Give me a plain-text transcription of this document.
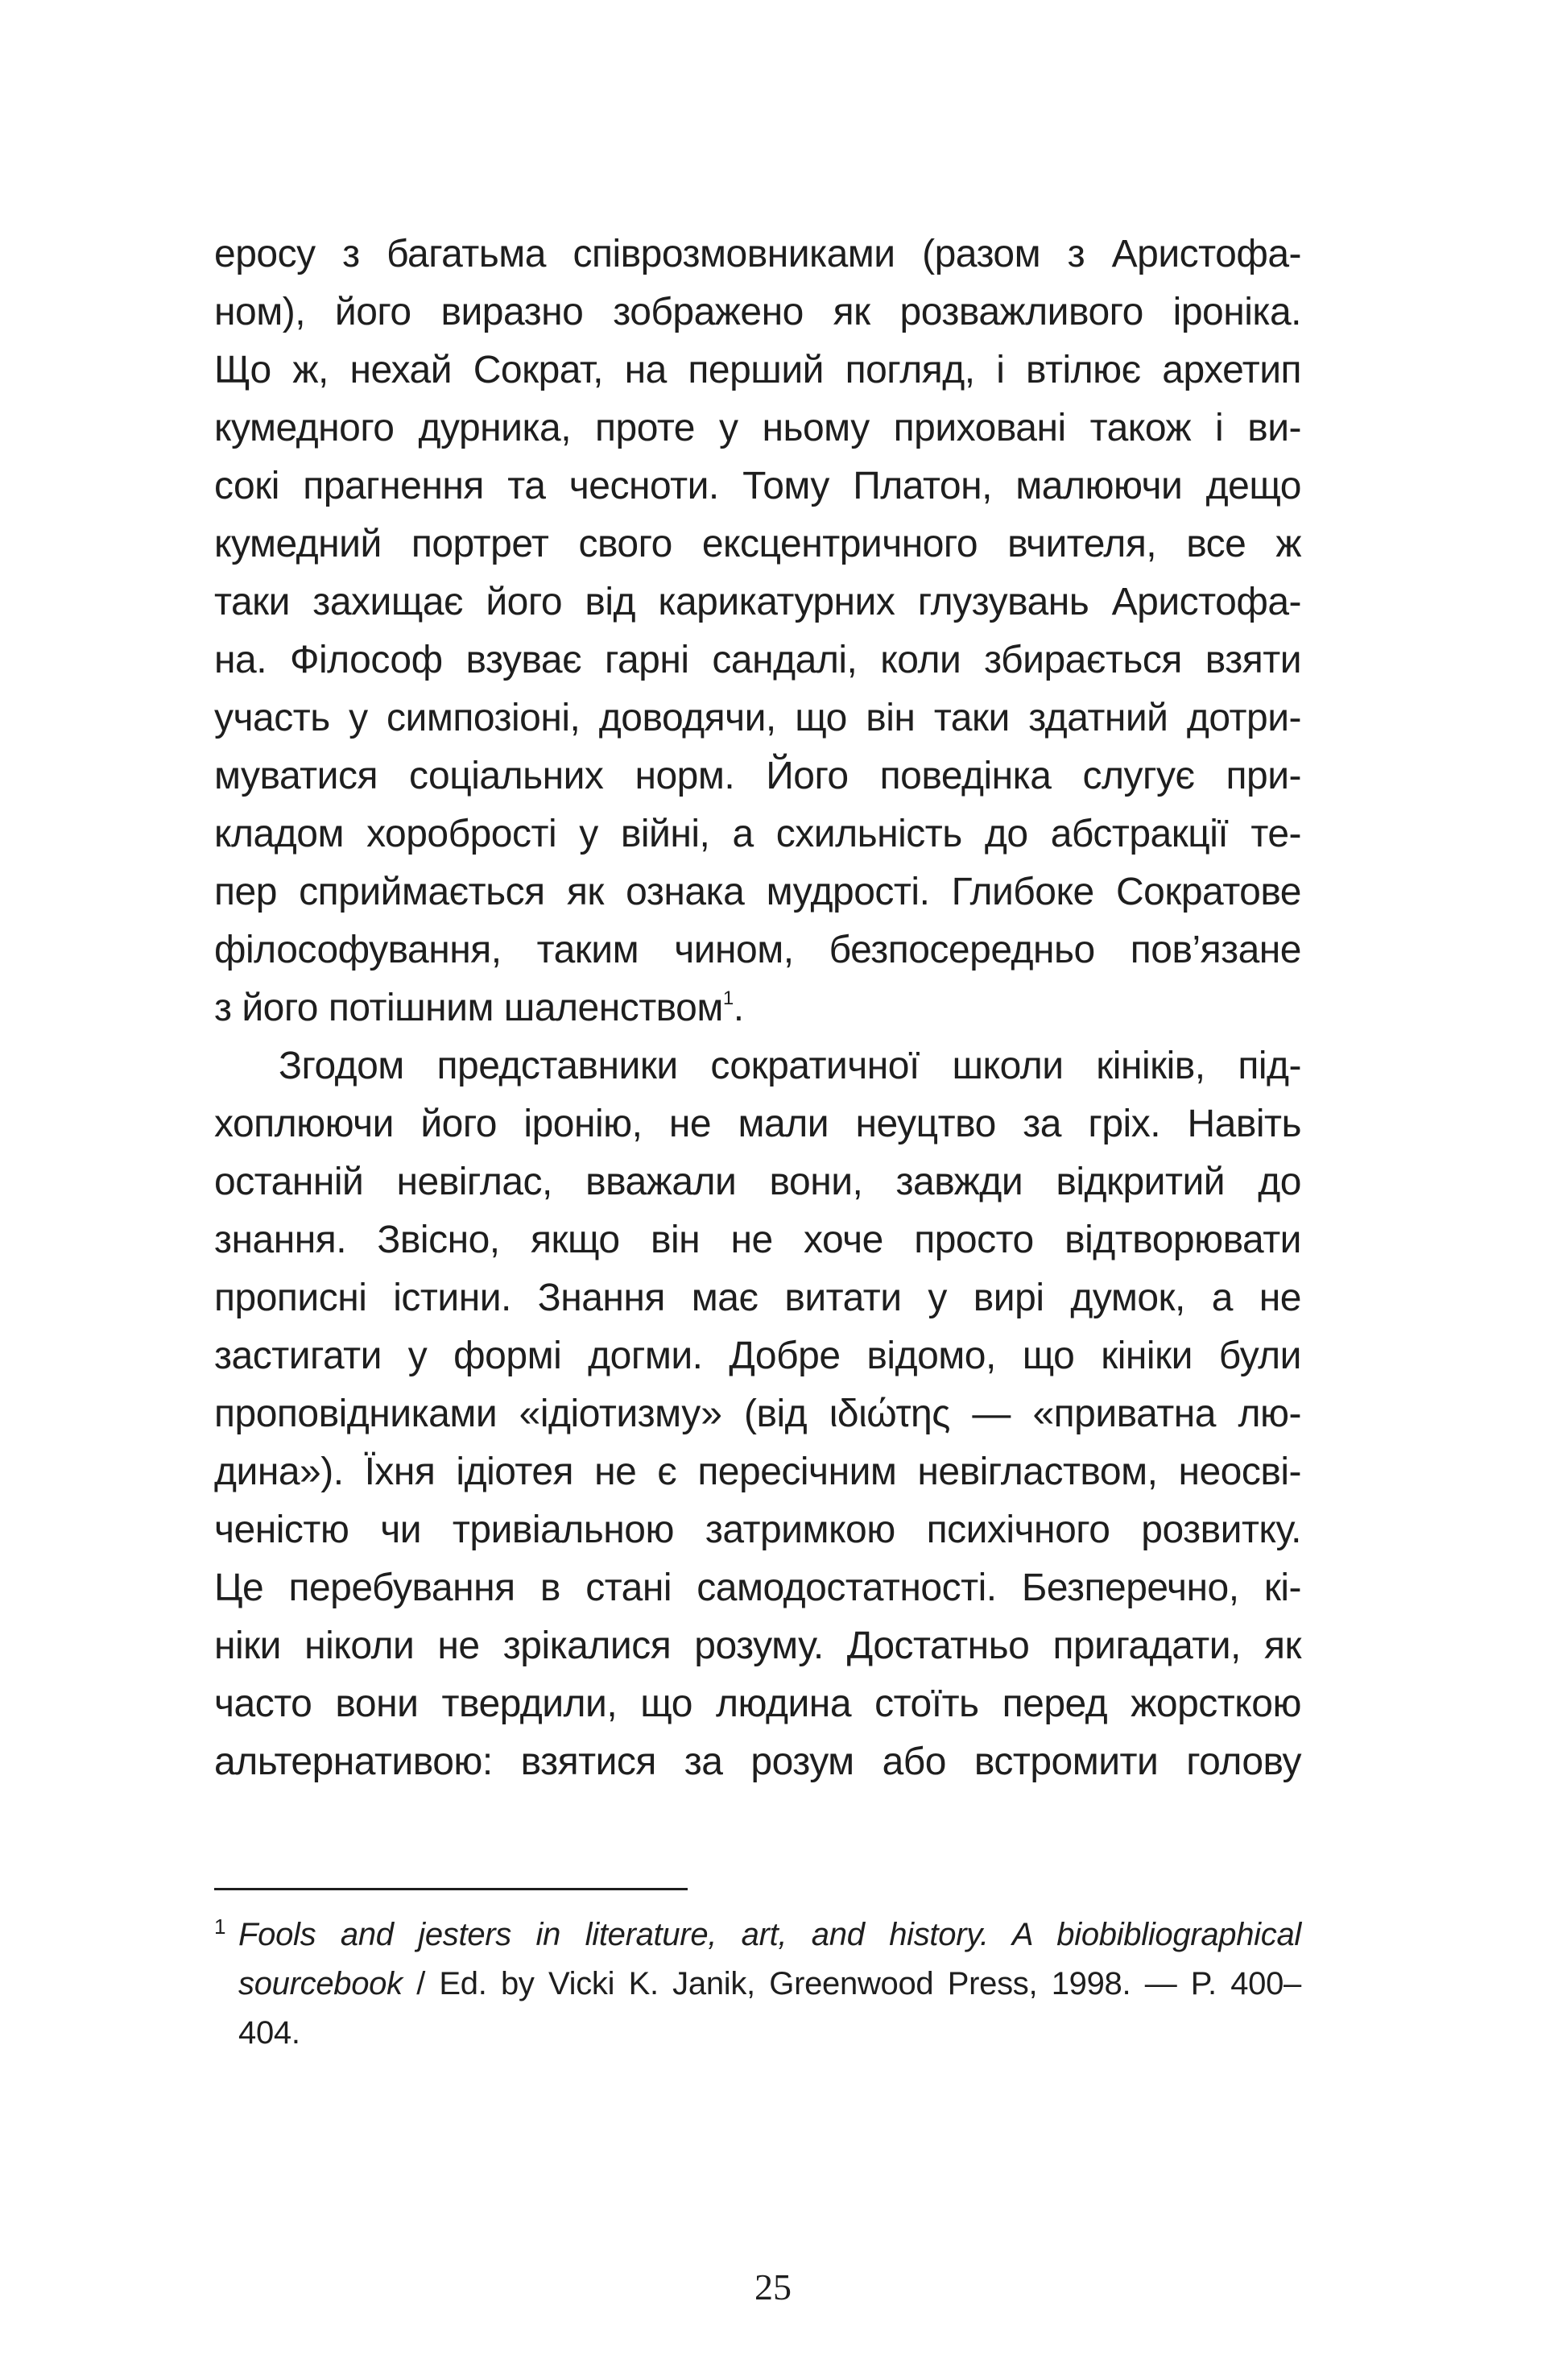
еросу з багатьма співрозмовниками (разом з Аристофа-
ном), його виразно зображено як розважливого іроніка.
Що ж, нехай Сократ, на перший погляд, і втілює архетип
кумедного дурника, проте у ньому приховані також і ви-
сокі прагнення та чесноти. Тому Платон, малюючи дещо
кумедний портрет свого ексцентричного вчителя, все ж
таки захищає його від карикатурних глузувань Аристофа-
на. Філософ взуває гарні сандалі, коли збирається взяти
участь у симпозіоні, доводячи, що він таки здатний дотри-
муватися соціальних норм. Його поведінка слугує при-
кладом хоробрості у війні, а схильність до абстракції те-
пер сприймається як ознака мудрості. Глибоке Сократове
філософування, таким чином, безпосередньо пов’язане
з його потішним шаленством$^1$.
Згодом представники сократичної школи кініків, під-
хоплюючи його іронію, не мали неуцтво за гріх. Навіть
останній невіглас, вважали вони, завжди відкритий до
знання. Звісно, якщо він не хоче просто відтворювати
прописні істини. Знання має витати у вирі думок, а не
застигати у формі догми. Добре відомо, що кініки були
проповідниками «ідіотизму» (від ιδιώτης — «приватна лю-
дина»). Їхня ідіотея не є пересічним невіглаством, неосві-
ченістю чи тривіальною затримкою психічного розвитку.
Це перебування в стані самодостатності. Безперечно, кі-
ніки ніколи не зрікалися розуму. Достатньо пригадати, як
часто вони твердили, що людина стоїть перед жорсткою
альтернативою: взятися за розум або встромити голову
1 Fools and jesters in literature, art, and history. A biobibliographical
sourcebook / Ed. by Vicki K. Janik, Greenwood Press, 1998. — P. 400–
404.
25
